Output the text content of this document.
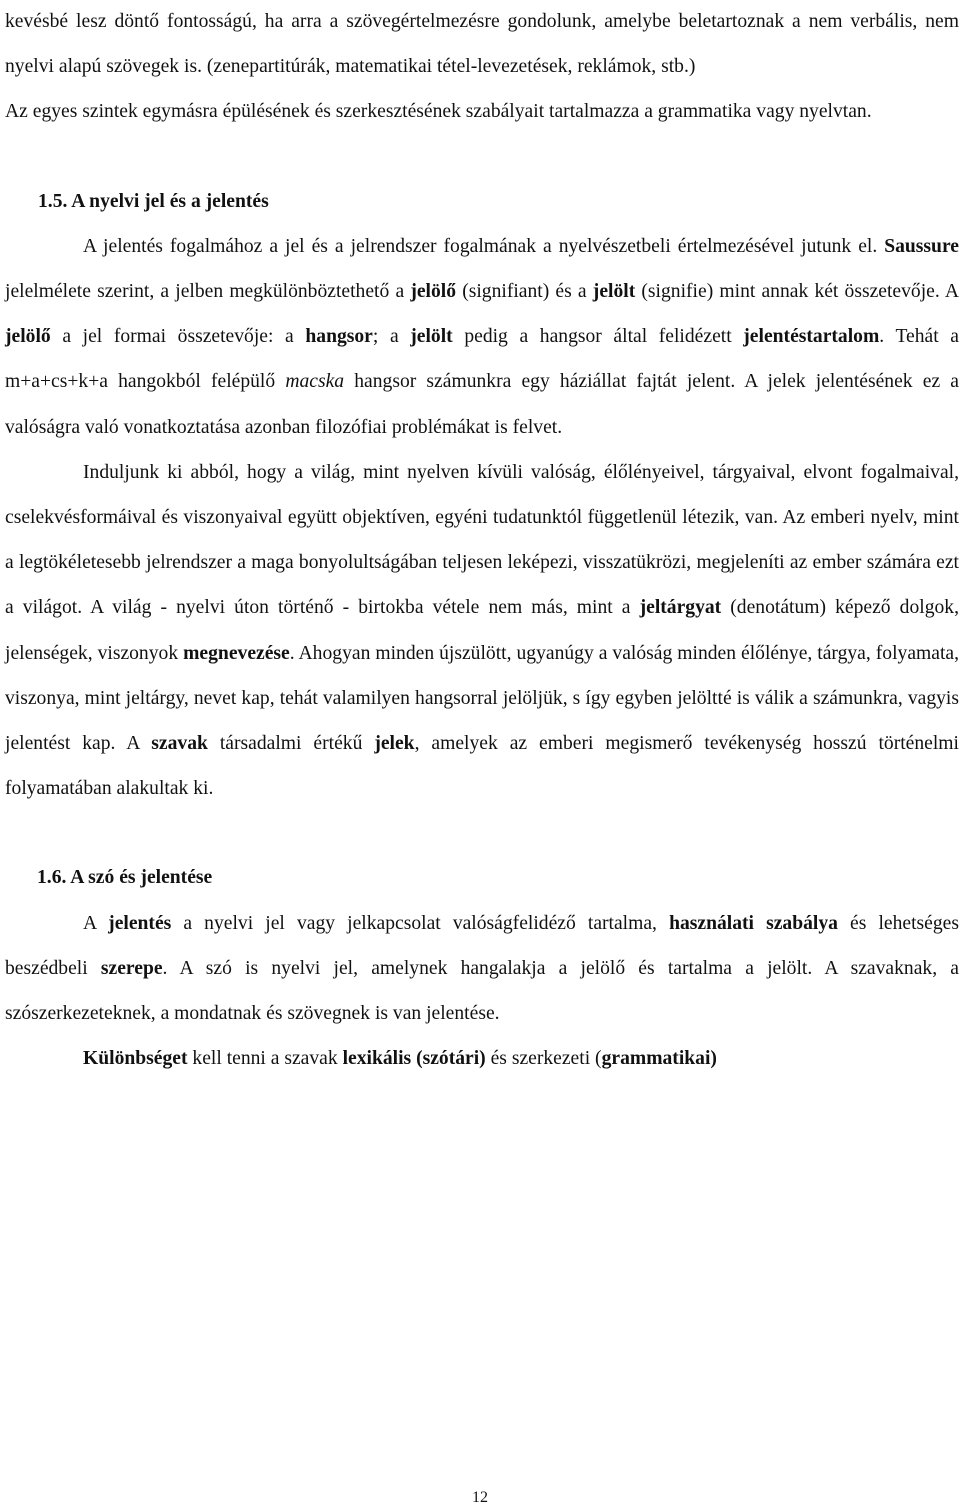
kevésbé lesz döntő fontosságú, ha arra a szövegértelmezésre gondolunk, amelybe beletartoznak a nem verbális, nem nyelvi alapú szövegek is. (zenepartitúrák, matematikai tétel-levezetések, reklámok, stb.)

Az egyes szintek egymásra épülésének és szerkesztésének szabályait tartalmazza a grammatika vagy nyelvtan.

1.5. A nyelvi jel és a jelentés

A jelentés fogalmához a jel és a jelrendszer fogalmának a nyelvészetbeli értelmezésével jutunk el. Saussure jelelmélete szerint, a jelben megkülönböztethető a jelölő (signifiant) és a jelölt (signifie) mint annak két összetevője. A jelölő a jel formai összetevője: a hangsor; a jelölt pedig a hangsor által felidézett jelentéstartalom. Tehát a m+a+cs+k+a hangokból felépülő macska hangsor számunkra egy háziállat fajtát jelent. A jelek jelentésének ez a valóságra való vonatkoztatása azonban filozófiai problémákat is felvet.

Induljunk ki abból, hogy a világ, mint nyelven kívüli valóság, élőlényeivel, tárgyaival, elvont fogalmaival, cselekvésformáival és viszonyaival együtt objektíven, egyéni tudatunktól függetlenül létezik, van. Az emberi nyelv, mint a legtökéletesebb jelrendszer a maga bonyolultságában teljesen leképezi, visszatükrözi, megjeleníti az ember számára ezt a világot. A világ - nyelvi úton történő - birtokba vétele nem más, mint a jeltárgyat (denotátum) képező dolgok, jelenségek, viszonyok megnevezése. Ahogyan minden újszülött, ugyanúgy a valóság minden élőlénye, tárgya, folyamata, viszonya, mint jeltárgy, nevet kap, tehát valamilyen hangsorral jelöljük, s így egyben jelöltté is válik a számunkra, vagyis jelentést kap. A szavak társadalmi értékű jelek, amelyek az emberi megismerő tevékenység hosszú történelmi folyamatában alakultak ki.

1.6. A szó és jelentése

A jelentés a nyelvi jel vagy jelkapcsolat valóságfelidéző tartalma, használati szabálya és lehetséges beszédbeli szerepe. A szó is nyelvi jel, amelynek hangalakja a jelölő és tartalma a jelölt. A szavaknak, a szószerkezeteknek, a mondatnak és szövegnek is van jelentése.

Különbséget kell tenni a szavak lexikális (szótári) és szerkezeti (grammatikai)

12
